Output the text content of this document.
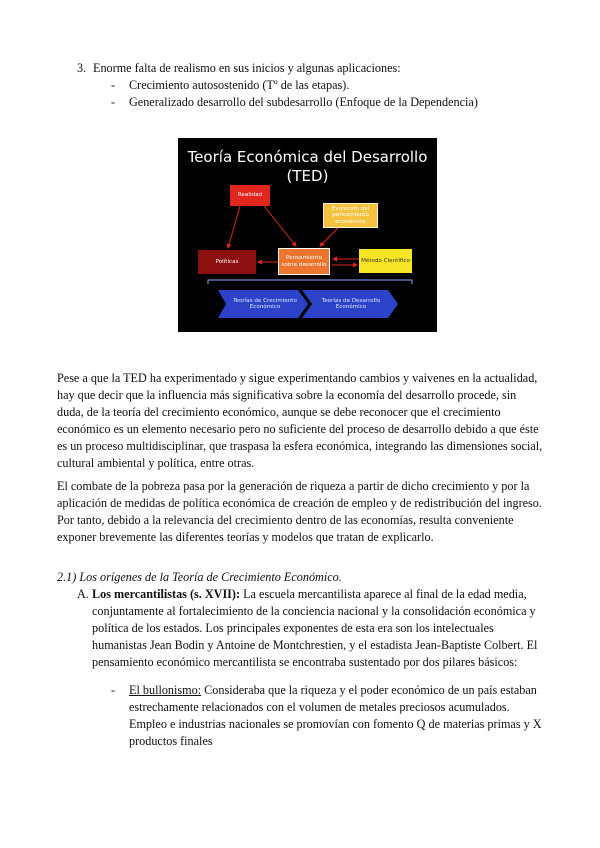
3. Enorme falta de realismo en sus inicios y algunas aplicaciones:
-	Crecimiento autosostenido (Tº de las etapas).
-	Generalizado desarrollo del subdesarrollo (Enfoque de la Dependencia)
Teoría Económica del Desarrollo
(TED)
Realidad
Evolución del pensamiento económico
Políticas
Pensamiento sobre desarrollo
Método Científico
Teorías de Crecimiento Económico
Teorías de Desarrollo Económico
Pese a que la TED ha experimentado y sigue experimentando cambios y vaivenes en la actualidad, hay que decir que la influencia más significativa sobre la economía del desarrollo procede, sin duda, de la teoría del crecimiento económico, aunque se debe reconocer que el crecimiento económico es un elemento necesario pero no suficiente del proceso de desarrollo debido a que éste es un proceso multidisciplinar, que traspasa la esfera económica, integrando las dimensiones social, cultural ambiental y política, entre otras.
El combate de la pobreza pasa por la generación de riqueza a partir de dicho crecimiento y por la aplicación de medidas de política económica de creación de empleo y de redistribución del ingreso. Por tanto, debido a la relevancia del crecimiento dentro de las economías, resulta conveniente exponer brevemente las diferentes teorías y modelos que tratan de explicarlo.
2.1) Los orígenes de la Teoría de Crecimiento Económico.
A. Los mercantilistas (s. XVII): La escuela mercantilista aparece al final de la edad media, conjuntamente al fortalecimiento de la conciencia nacional y la consolidación económica y política de los estados. Los principales exponentes de esta era son los intelectuales humanistas Jean Bodin y Antoine de Montchrestien, y el estadista Jean-Baptiste Colbert. El pensamiento económico mercantilista se encontraba sustentado por dos pilares básicos:
- El bullonismo: Consideraba que la riqueza y el poder económico de un país estaban estrechamente relacionados con el volumen de metales preciosos acumulados. Empleo e industrias nacionales se promovían con fomento Q de materias primas y X productos finales
